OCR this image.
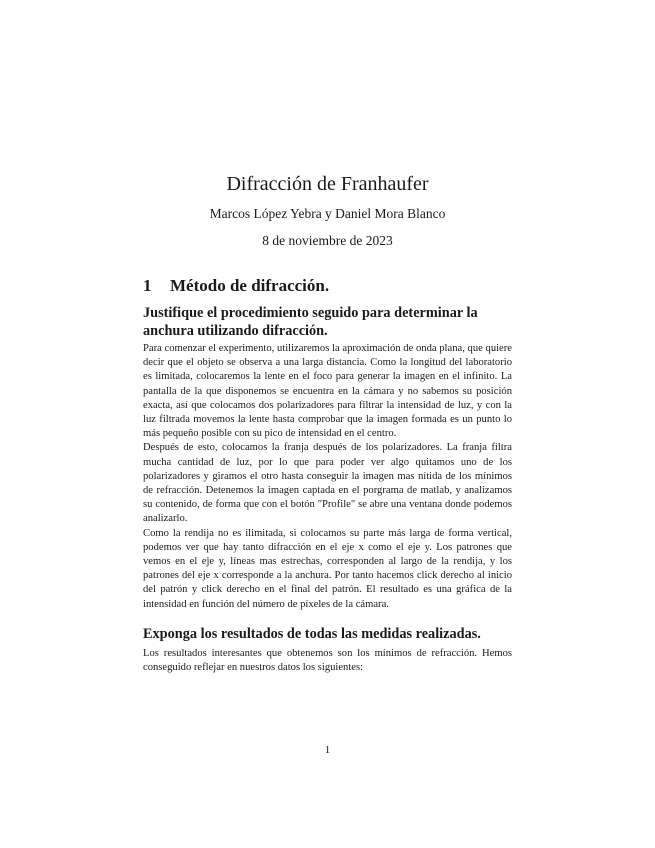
Difracción de Franhaufer
Marcos López Yebra y Daniel Mora Blanco
8 de noviembre de 2023
1 Método de difracción.
Justifique el procedimiento seguido para determinar la anchura utilizando difracción.

Para comenzar el experimento, utilizaremos la aproximación de onda plana, que quiere decir que el objeto se observa a una larga distancia. Como la longitud del laboratorio es limitada, colocaremos la lente en el foco para generar la imagen en el infinito. La pantalla de la que disponemos se encuentra en la cámara y no sabemos su posición exacta, así que colocamos dos polarizadores para filtrar la intensidad de luz, y con la luz filtrada movemos la lente hasta comprobar que la imagen formada es un punto lo más pequeño posible con su pico de intensidad en el centro.

Después de esto, colocamos la franja después de los polarizadores. La franja filtra mucha cantidad de luz, por lo que para poder ver algo quitamos uno de los polarizadores y giramos el otro hasta conseguir la imagen mas nítida de los mínimos de refracción. Detenemos la imagen captada en el porgrama de matlab, y analizamos su contenido, de forma que con el botón "Profile" se abre una ventana donde podemos analizarlo.

Como la rendija no es ilimitada, si colocamos su parte más larga de forma vertical, podemos ver que hay tanto difracción en el eje x como el eje y. Los patrones que vemos en el eje y, líneas mas estrechas, corresponden al largo de la rendija, y los patrones del eje x corresponde a la anchura. Por tanto hacemos click derecho al inicio del patrón y click derecho en el final del patrón. El resultado es una gráfica de la intensidad en función del número de píxeles de la cámara.

Exponga los resultados de todas las medidas realizadas.

Los resultados interesantes que obtenemos son los mínimos de refracción. Hemos conseguido reflejar en nuestros datos los siguientes:

1
